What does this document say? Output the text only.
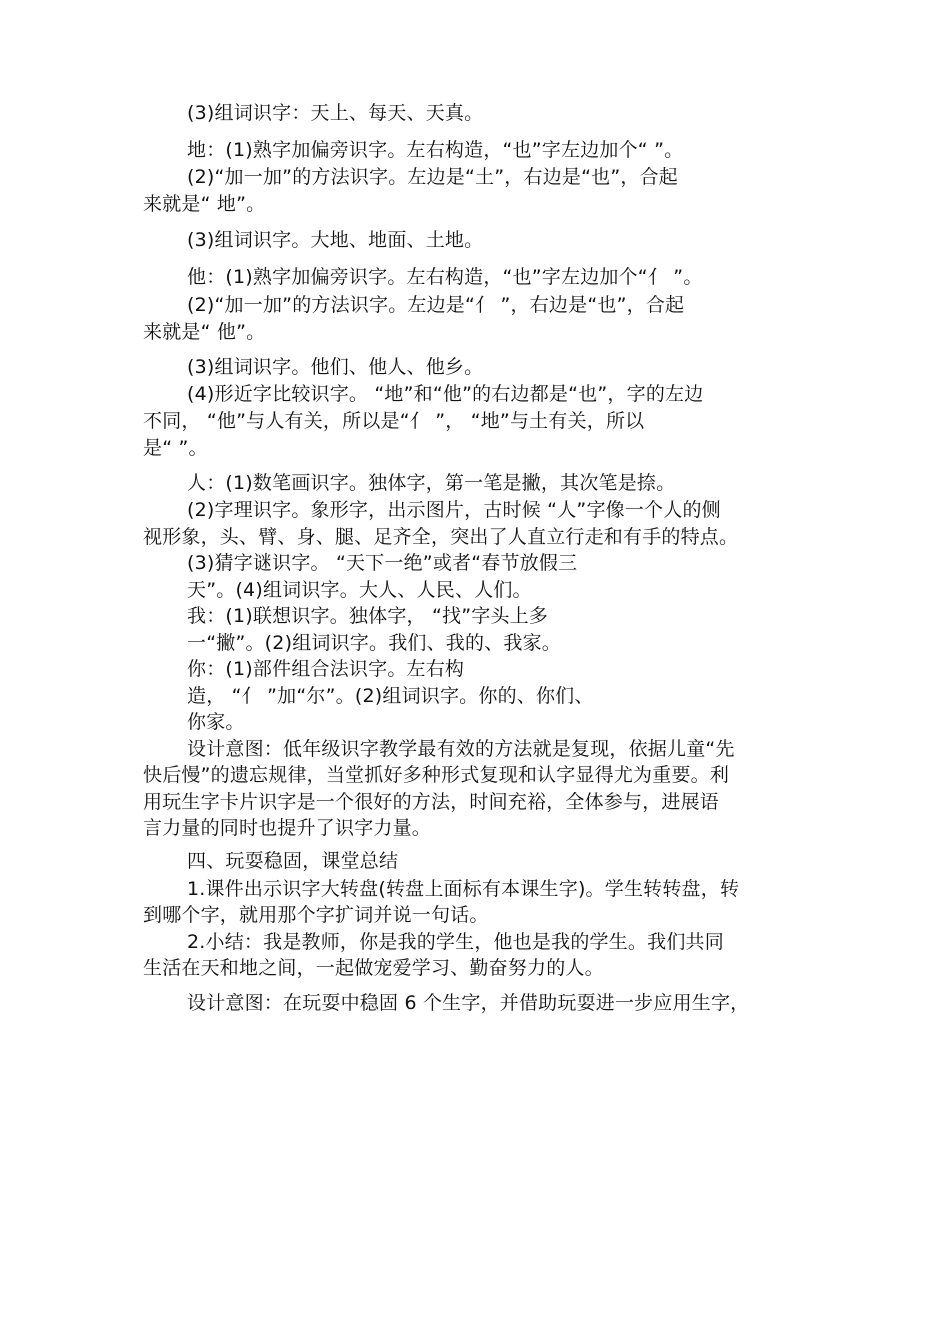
(3)组词识字：天上、每天、天真。
地：(1)熟字加偏旁识字。左右构造，“也”字左边加个“ ”。
(2)“加一加”的方法识字。左边是“土”，右边是“也”，合起
来就是“ 地”。
(3)组词识字。大地、地面、土地。
他：(1)熟字加偏旁识字。左右构造，“也”字左边加个“亻 ”。
(2)“加一加”的方法识字。左边是“亻 ”，右边是“也”，合起
来就是“ 他”。
(3)组词识字。他们、他人、他乡。
(4)形近字比较识字。 “地”和“他”的右边都是“也”，字的左边
不同， “他”与人有关，所以是“亻 ”， “地”与土有关，所以
是“ ”。
人：(1)数笔画识字。独体字，第一笔是撇，其次笔是捺。
(2)字理识字。象形字，出示图片，古时候 “人”字像一个人的侧
视形象，头、臂、身、腿、足齐全，突出了人直立行走和有手的特点。
(3)猜字谜识字。 “天下一绝”或者“春节放假三
天”。(4)组词识字。大人、人民、人们。
我：(1)联想识字。独体字， “找”字头上多
一“撇”。(2)组词识字。我们、我的、我家。
你：(1)部件组合法识字。左右构
造， “亻 ”加“尔”。(2)组词识字。你的、你们、
你家。
设计意图：低年级识字教学最有效的方法就是复现，依据儿童“先
快后慢”的遗忘规律，当堂抓好多种形式复现和认字显得尤为重要。利
用玩生字卡片识字是一个很好的方法，时间充裕，全体参与，进展语
言力量的同时也提升了识字力量。
四、玩耍稳固，课堂总结
1.课件出示识字大转盘(转盘上面标有本课生字)。学生转转盘，转
到哪个字，就用那个字扩词并说一句话。
2.小结：我是教师，你是我的学生，他也是我的学生。我们共同
生活在天和地之间，一起做宠爱学习、勤奋努力的人。
设计意图：在玩耍中稳固 6 个生字，并借助玩耍进一步应用生字，
